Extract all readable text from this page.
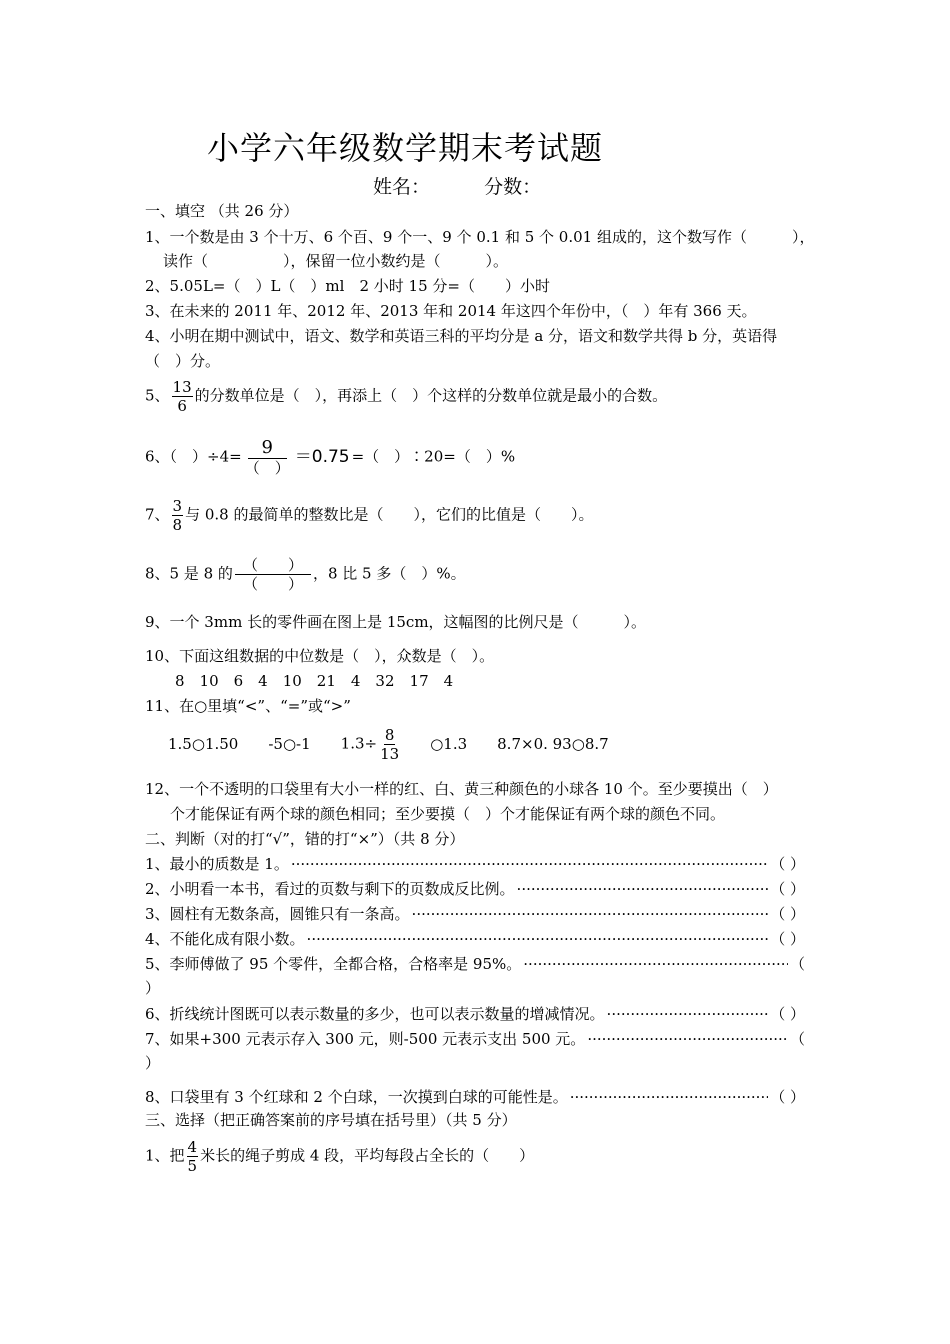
小学六年级数学期末考试题
姓名：	分数：
一、填空 （共 26 分）
1、一个数是由 3 个十万、6 个百、9 个一、9 个 0.1 和 5 个 0.01 组成的，这个数写作（　　　），
读作（　　　　　），保留一位小数约是（　　　）。
2、5.05L=（　）L（　）ml　2 小时 15 分=（　　）小时
3、在未来的 2011 年、2012 年、2013 年和 2014 年这四个年份中，（　）年有 366 天。
4、小明在期中测试中，语文、数学和英语三科的平均分是 a 分，语文和数学共得 b 分，英语得
（　）分。
5、 $\frac{13}{6}$ 的分数单位是（　），再添上（　）个这样的分数单位就是最小的合数。
6、（　）$\div 4= \frac{9}{( )} =0.75$ =（　）∶20=（　）%
7、 $\frac{3}{8}$ 与 0.8 的最简单的整数比是（　　），它们的比值是（　　）。
8、5 是 8 的 $\frac{( )}{( )}$ ，8 比 5 多（　）%。
9、一个 3mm 长的零件画在图上是 15cm，这幅图的比例尺是（　　　）。
10、下面这组数据的中位数是（　），众数是（　）。
8　10　6　4　10　21　4　32　17　4
11、在○里填“<”、“=”或“>”
1.5○1.50 -5○-1 $1.3\div \frac{8}{13}$ ○1.3 8.7×0. 93○8.7
12、一个不透明的口袋里有大小一样的红、白、黄三种颜色的小球各 10 个。至少要摸出（　）
个才能保证有两个球的颜色相同；至少要摸（　）个才能保证有两个球的颜色不同。
二、判断（对的打“√”，错的打“×”）（共 8 分）
1、最小的质数是 1。 ·····	（ ）
2、小明看一本书，看过的页数与剩下的页数成反比例。 ·····	（ ）
3、圆柱有无数条高，圆锥只有一条高。 ·····	（ ）
4、不能化成有限小数。 ·····	（ ）
5、李师傅做了 95 个零件，全都合格，合格率是 95%。 ·····	（
）
6、折线统计图既可以表示数量的多少，也可以表示数量的增减情况。 ·····	（ ）
7、如果+300 元表示存入 300 元，则-500 元表示支出 500 元。 ·····	（
）
8、口袋里有 3 个红球和 2 个白球，一次摸到白球的可能性是。 ·····	（ ）
三、选择（把正确答案前的序号填在括号里）（共 5 分）
1、把 $\frac{4}{5}$ 米长的绳子剪成 4 段，平均每段占全长的（　　）
